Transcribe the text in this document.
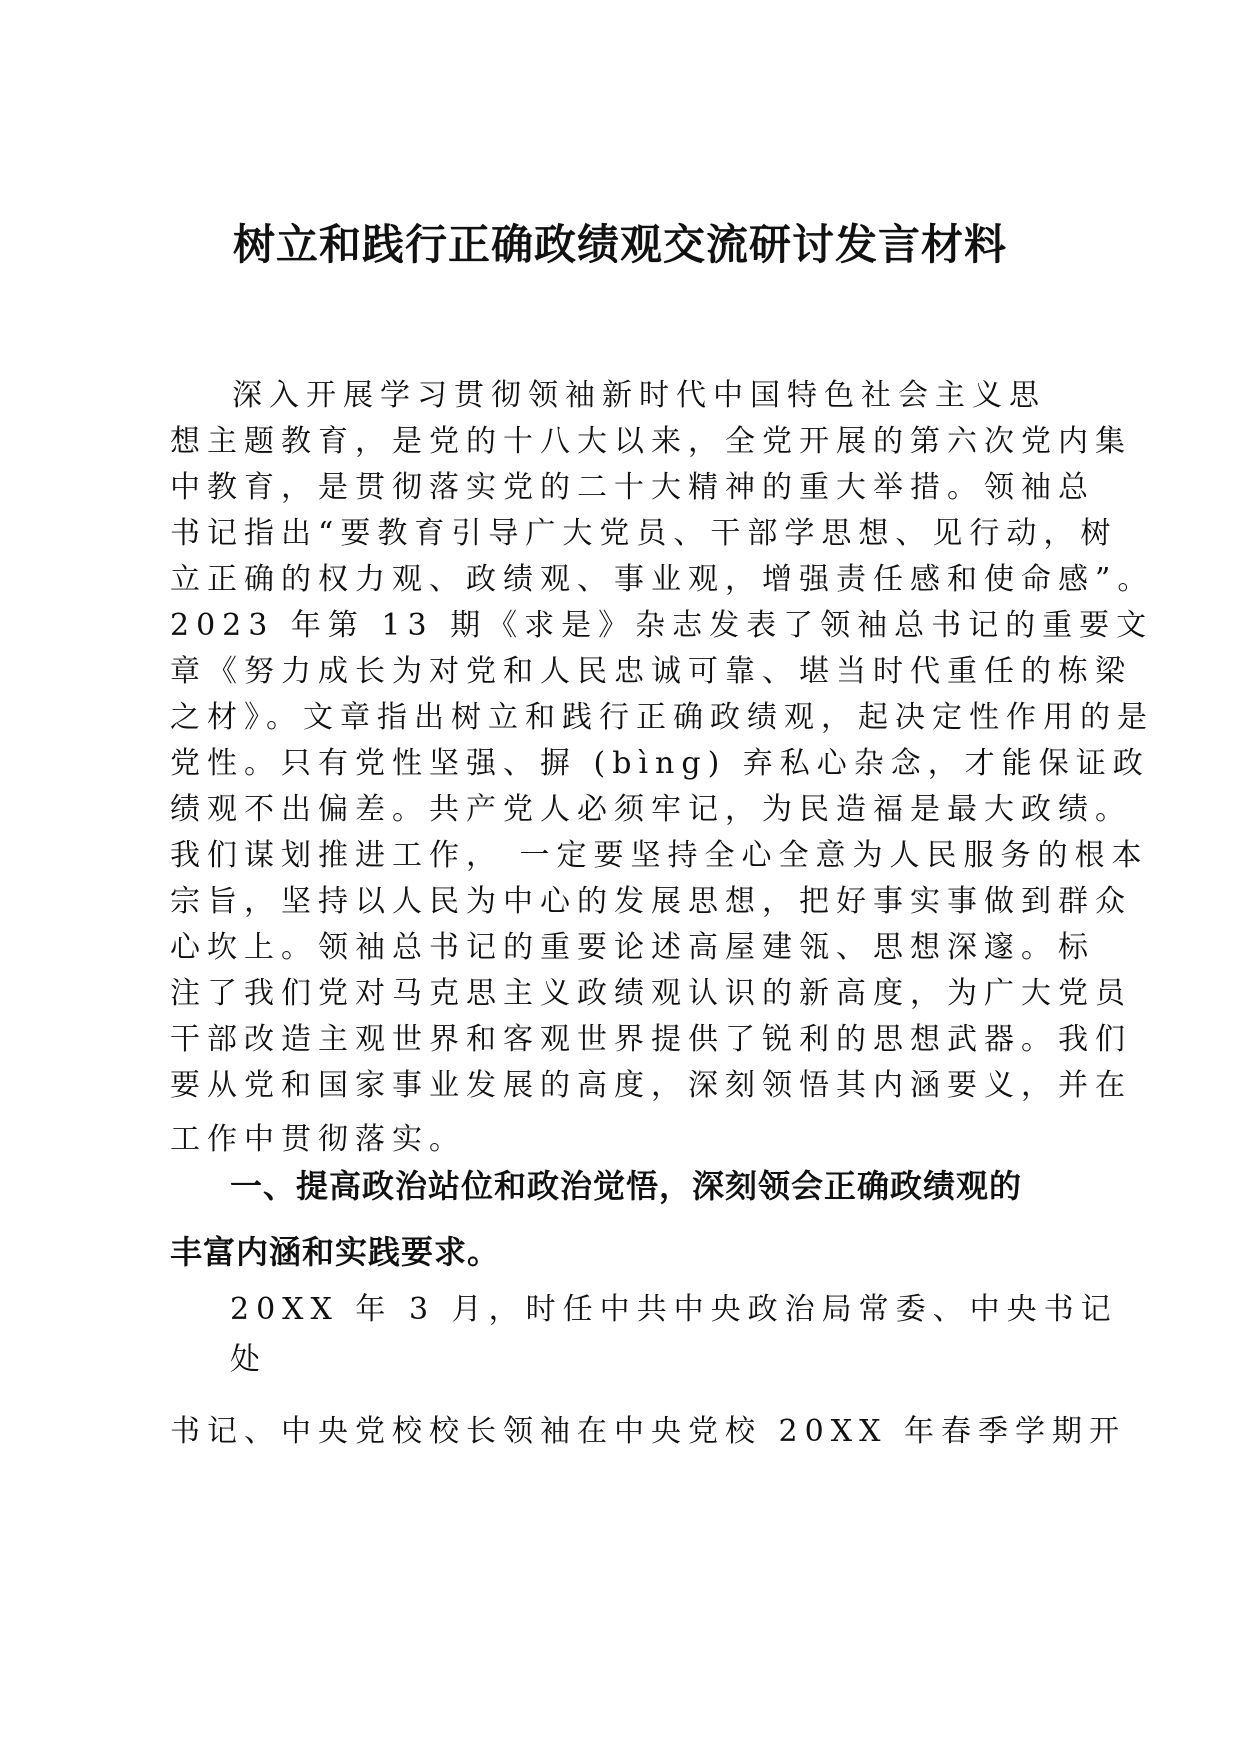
树立和践行正确政绩观交流研讨发言材料
深入开展学习贯彻领袖新时代中国特色社会主义思
想主题教育，是党的十八大以来，全党开展的第六次党内集
中教育，是贯彻落实党的二十大精神的重大举措。领袖总
书记指出“要教育引导广大党员、干部学思想、见行动，树
立正确的权力观、政绩观、事业观，增强责任感和使命感”。
2023 年第 13 期《求是》杂志发表了领袖总书记的重要文
章《努力成长为对党和人民忠诚可靠、堪当时代重任的栋梁
之材》。文章指出树立和践行正确政绩观，起决定性作用的是
党性。只有党性坚强、摒 (bìng) 弃私心杂念，才能保证政
绩观不出偏差。共产党人必须牢记，为民造福是最大政绩。
我们谋划推进工作， 一定要坚持全心全意为人民服务的根本
宗旨，坚持以人民为中心的发展思想，把好事实事做到群众
心坎上。领袖总书记的重要论述高屋建瓴、思想深邃。标
注了我们党对马克思主义政绩观认识的新高度，为广大党员
干部改造主观世界和客观世界提供了锐利的思想武器。我们
要从党和国家事业发展的高度，深刻领悟其内涵要义，并在
工作中贯彻落实。
一、提高政治站位和政治觉悟，深刻领会正确政绩观的
丰富内涵和实践要求。
20XX 年 3 月，时任中共中央政治局常委、中央书记
处
书记、中央党校校长领袖在中央党校 20XX 年春季学期开
